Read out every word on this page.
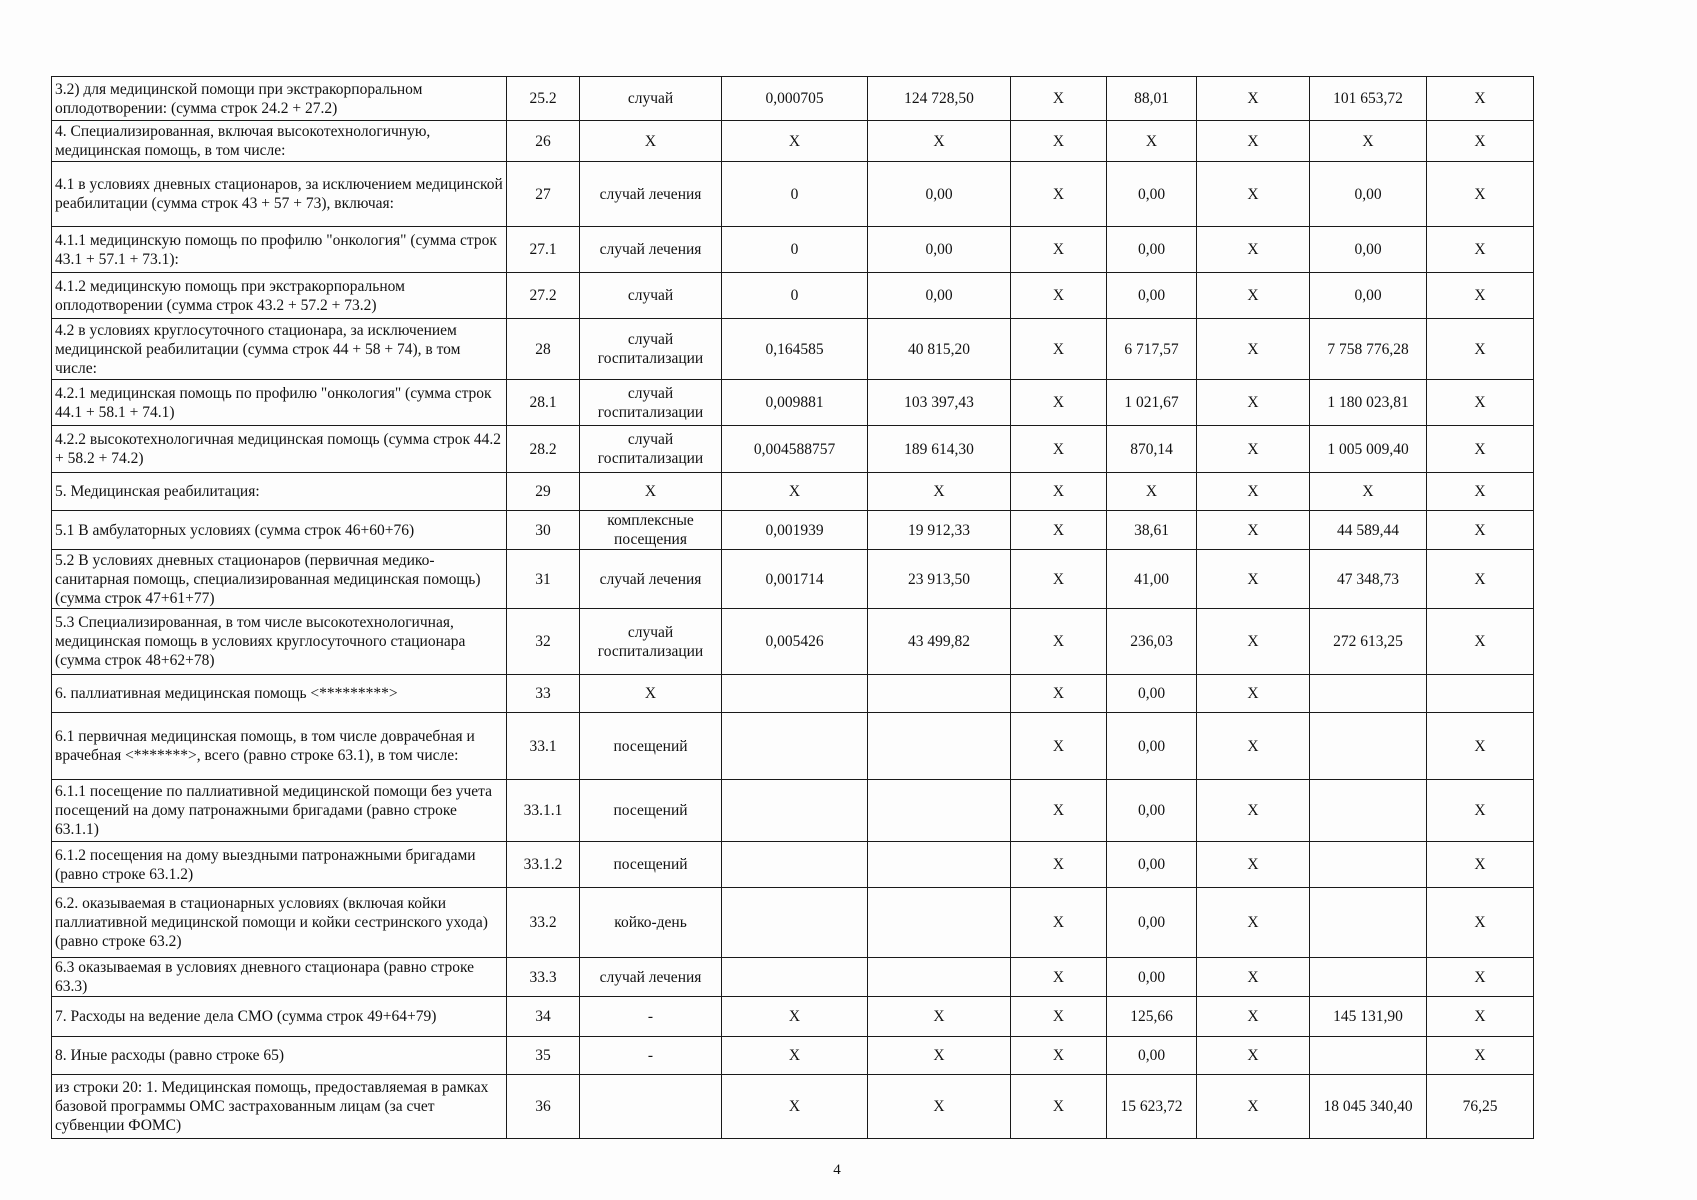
3.2) для медицинской помощи при экстракорпоральном оплодотворении: (сумма строк 24.2 + 27.2)	25.2	случай	0,000705	124 728,50	Х	88,01	Х	101 653,72	Х
4. Специализированная, включая высокотехнологичную, медицинская помощь, в том числе:	26	Х	Х	Х	Х	Х	Х	Х	Х
4.1 в условиях дневных стационаров, за исключением медицинской реабилитации (сумма строк 43 + 57 + 73), включая:	27	случай лечения	0	0,00	Х	0,00	Х	0,00	Х
4.1.1 медицинскую помощь по профилю "онкология" (сумма строк 43.1 + 57.1 + 73.1):	27.1	случай лечения	0	0,00	Х	0,00	Х	0,00	Х
4.1.2 медицинскую помощь при экстракорпоральном оплодотворении (сумма строк 43.2 + 57.2 + 73.2)	27.2	случай	0	0,00	Х	0,00	Х	0,00	Х
4.2 в условиях круглосуточного стационара, за исключением медицинской реабилитации (сумма строк 44 + 58 + 74), в том числе:	28	случай госпитализации	0,164585	40 815,20	Х	6 717,57	Х	7 758 776,28	Х
4.2.1 медицинская помощь по профилю "онкология" (сумма строк 44.1 + 58.1 + 74.1)	28.1	случай госпитализации	0,009881	103 397,43	Х	1 021,67	Х	1 180 023,81	Х
4.2.2 высокотехнологичная медицинская помощь (сумма строк 44.2 + 58.2 + 74.2)	28.2	случай госпитализации	0,004588757	189 614,30	Х	870,14	Х	1 005 009,40	Х
5. Медицинская реабилитация:	29	Х	Х	Х	Х	Х	Х	Х	Х
5.1 В амбулаторных условиях (сумма строк 46+60+76)	30	комплексные посещения	0,001939	19 912,33	Х	38,61	Х	44 589,44	Х
5.2 В условиях дневных стационаров (первичная медико-санитарная помощь, специализированная медицинская помощь) (сумма строк 47+61+77)	31	случай лечения	0,001714	23 913,50	Х	41,00	Х	47 348,73	Х
5.3 Специализированная, в том числе высокотехнологичная, медицинская помощь в условиях круглосуточного стационара (сумма строк 48+62+78)	32	случай госпитализации	0,005426	43 499,82	Х	236,03	Х	272 613,25	Х
6. паллиативная медицинская помощь <*********>	33	Х			Х	0,00	Х		
6.1 первичная медицинская помощь, в том числе доврачебная и врачебная <*******>, всего (равно строке 63.1), в том числе:	33.1	посещений			Х	0,00	Х		Х
6.1.1 посещение по паллиативной медицинской помощи без учета посещений на дому патронажными бригадами (равно строке 63.1.1)	33.1.1	посещений			Х	0,00	Х		Х
6.1.2 посещения на дому выездными патронажными бригадами (равно строке 63.1.2)	33.1.2	посещений			Х	0,00	Х		Х
6.2. оказываемая в стационарных условиях (включая койки паллиативной медицинской помощи и койки сестринского ухода) (равно строке 63.2)	33.2	койко-день			Х	0,00	Х		Х
6.3 оказываемая в условиях дневного стационара (равно строке 63.3)	33.3	случай лечения			Х	0,00	Х		Х
7. Расходы на ведение дела СМО (сумма строк 49+64+79)	34	-	Х	Х	Х	125,66	Х	145 131,90	Х
8. Иные расходы (равно строке 65)	35	-	Х	Х	Х	0,00	Х		Х
из строки 20: 1. Медицинская помощь, предоставляемая в рамках базовой программы ОМС застрахованным лицам (за счет субвенции ФОМС)	36		Х	Х	Х	15 623,72	Х	18 045 340,40	76,25
4
